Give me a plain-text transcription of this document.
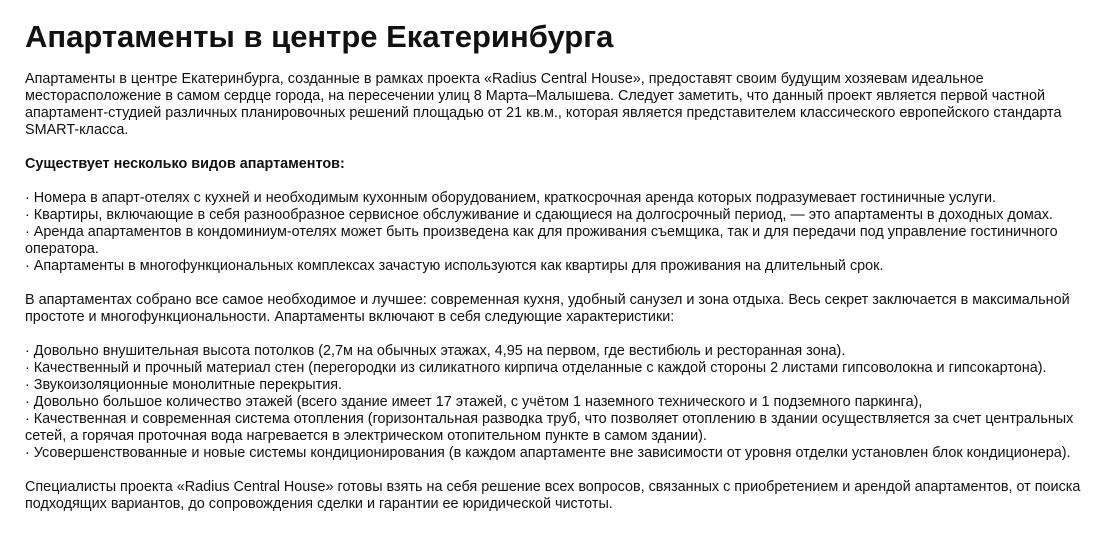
Апартаменты в центре Екатеринбурга

Апартаменты в центре Екатеринбурга, созданные в рамках проекта «Radius Central House», предоставят своим будущим хозяевам идеальное месторасположение в самом сердце города, на пересечении улиц 8 Марта–Малышева. Следует заметить, что данный проект является первой частной апартамент-студией различных планировочных решений площадью от 21 кв.м., которая является представителем классического европейского стандарта SMART-класса.

Существует несколько видов апартаментов:

· Номера в апарт-отелях с кухней и необходимым кухонным оборудованием, краткосрочная аренда которых подразумевает гостиничные услуги.

· Квартиры, включающие в себя разнообразное сервисное обслуживание и сдающиеся на долгосрочный период, — это апартаменты в доходных домах.

· Аренда апартаментов в кондоминиум-отелях может быть произведена как для проживания съемщика, так и для передачи под управление гостиничного оператора.

· Апартаменты в многофункциональных комплексах зачастую используются как квартиры для проживания на длительный срок.

В апартаментах собрано все самое необходимое и лучшее: современная кухня, удобный санузел и зона отдыха. Весь секрет заключается в максимальной простоте и многофункциональности. Апартаменты включают в себя следующие характеристики:

· Довольно внушительная высота потолков (2,7м на обычных этажах, 4,95 на первом, где вестибюль и ресторанная зона).

· Качественный и прочный материал стен (перегородки из силикатного кирпича отделанные с каждой стороны 2 листами гипсоволокна и гипсокартона).

· Звукоизоляционные монолитные перекрытия.

· Довольно большое количество этажей (всего здание имеет 17 этажей, с учётом 1 наземного технического и 1 подземного паркинга),

· Качественная и современная система отопления (горизонтальная разводка труб, что позволяет отоплению в здании осуществляется за счет центральных сетей, а горячая проточная вода нагревается в электрическом отопительном пункте в самом здании).

· Усовершенствованные и новые системы кондиционирования (в каждом апартаменте вне зависимости от уровня отделки установлен блок кондиционера).

Специалисты проекта «Radius Central House» готовы взять на себя решение всех вопросов, связанных с приобретением и арендой апартаментов, от поиска подходящих вариантов, до сопровождения сделки и гарантии ее юридической чистоты.
